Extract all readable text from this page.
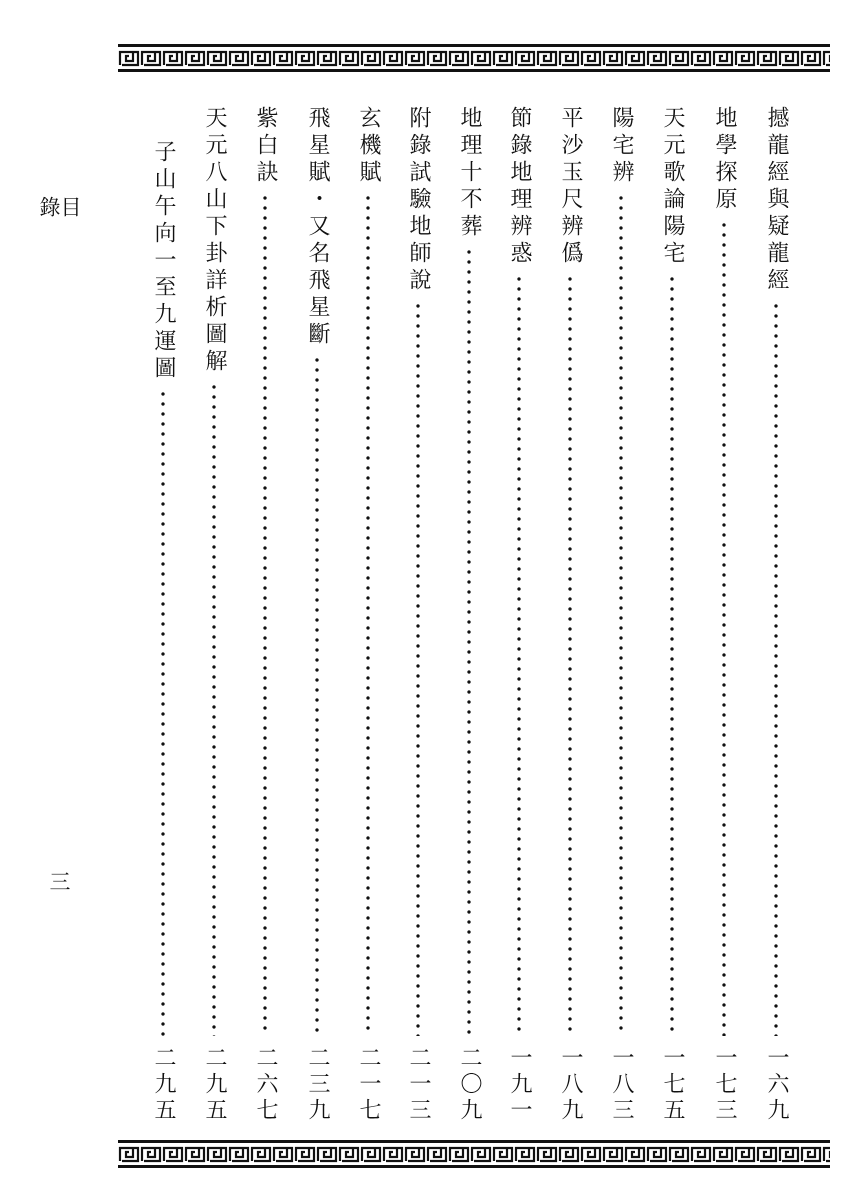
目錄
三
撼龍經與疑龍經
一六九
地學探原
一七三
天元歌論陽宅
一七五
陽宅辨
一八三
平沙玉尺辨僞
一八九
節錄地理辨惑
一九一
地理十不葬
二〇九
附錄試驗地師說
二一三
玄機賦
二一七
飛星賦・又名飛星斷
二三九
紫白訣
二六七
天元八山下卦詳析圖解
二九五
子山午向一至九運圖
二九五
